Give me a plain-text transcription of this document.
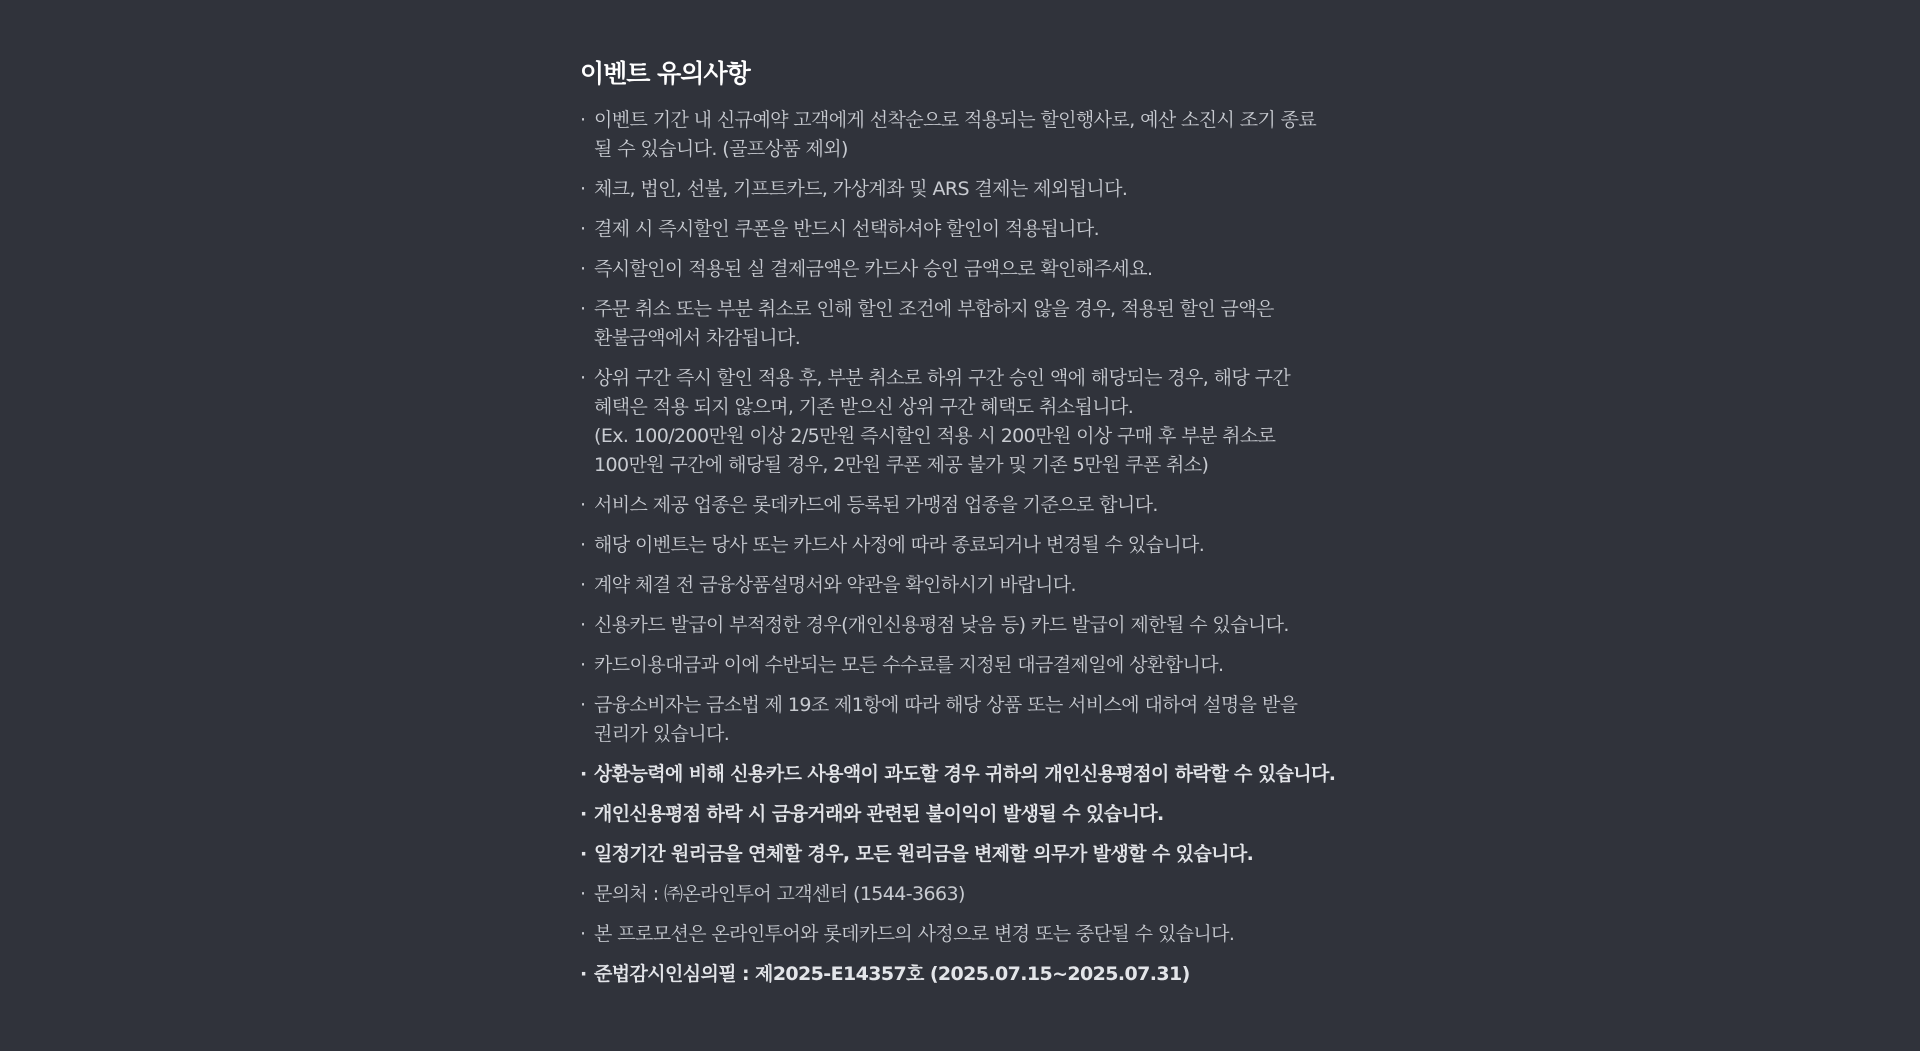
이벤트 유의사항
· 이벤트 기간 내 신규예약 고객에게 선착순으로 적용되는 할인행사로, 예산 소진시 조기 종료
될 수 있습니다. (골프상품 제외)
· 체크, 법인, 선불, 기프트카드, 가상계좌 및 ARS 결제는 제외됩니다.
· 결제 시 즉시할인 쿠폰을 반드시 선택하셔야 할인이 적용됩니다.
· 즉시할인이 적용된 실 결제금액은 카드사 승인 금액으로 확인해주세요.
· 주문 취소 또는 부분 취소로 인해 할인 조건에 부합하지 않을 경우, 적용된 할인 금액은
환불금액에서 차감됩니다.
· 상위 구간 즉시 할인 적용 후, 부분 취소로 하위 구간 승인 액에 해당되는 경우, 해당 구간
혜택은 적용 되지 않으며, 기존 받으신 상위 구간 혜택도 취소됩니다.
(Ex. 100/200만원 이상 2/5만원 즉시할인 적용 시 200만원 이상 구매 후 부분 취소로
100만원 구간에 해당될 경우, 2만원 쿠폰 제공 불가 및 기존 5만원 쿠폰 취소)
· 서비스 제공 업종은 롯데카드에 등록된 가맹점 업종을 기준으로 합니다.
· 해당 이벤트는 당사 또는 카드사 사정에 따라 종료되거나 변경될 수 있습니다.
· 계약 체결 전 금융상품설명서와 약관을 확인하시기 바랍니다.
· 신용카드 발급이 부적정한 경우(개인신용평점 낮음 등) 카드 발급이 제한될 수 있습니다.
· 카드이용대금과 이에 수반되는 모든 수수료를 지정된 대금결제일에 상환합니다.
· 금융소비자는 금소법 제 19조 제1항에 따라 해당 상품 또는 서비스에 대하여 설명을 받을
권리가 있습니다.
· 상환능력에 비해 신용카드 사용액이 과도할 경우 귀하의 개인신용평점이 하락할 수 있습니다.
· 개인신용평점 하락 시 금융거래와 관련된 불이익이 발생될 수 있습니다.
· 일정기간 원리금을 연체할 경우, 모든 원리금을 변제할 의무가 발생할 수 있습니다.
· 문의처 : ㈜온라인투어 고객센터 (1544-3663)
· 본 프로모션은 온라인투어와 롯데카드의 사정으로 변경 또는 중단될 수 있습니다.
· 준법감시인심의필 : 제2025-E14357호 (2025.07.15~2025.07.31)
